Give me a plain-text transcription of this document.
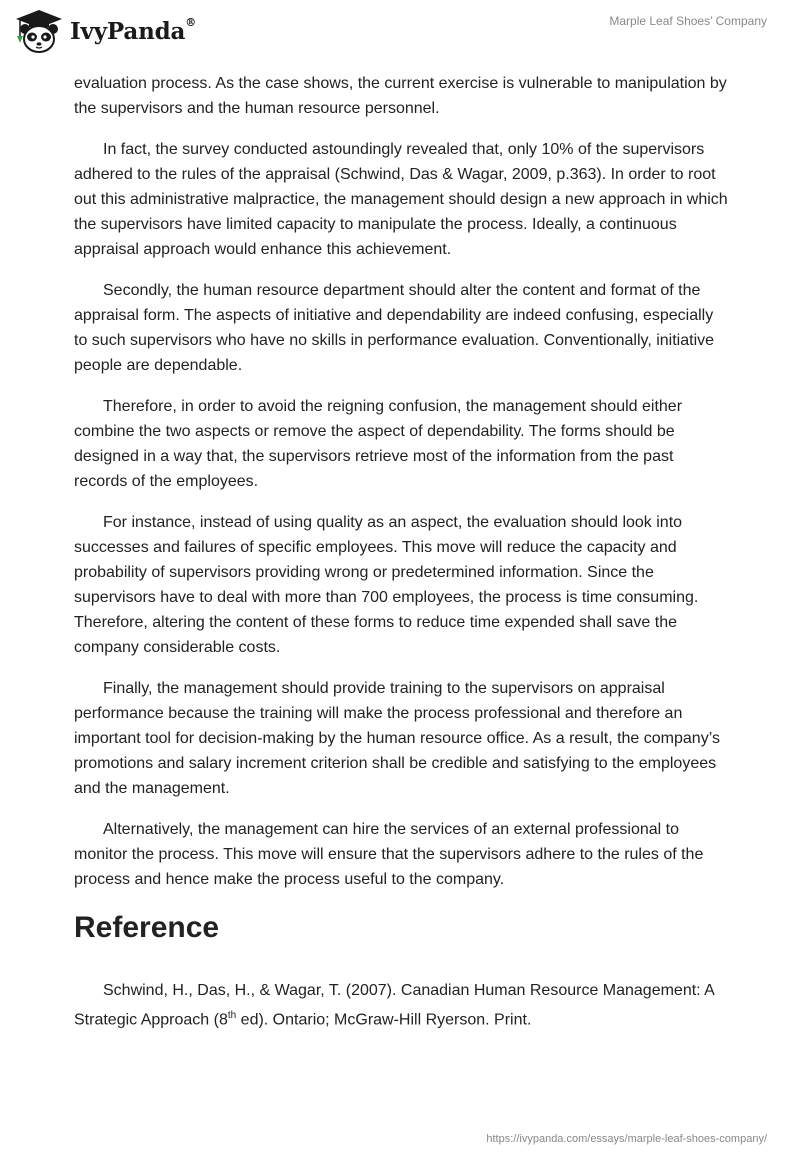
IvyPanda®	Marple Leaf Shoes’ Company

evaluation process. As the case shows, the current exercise is vulnerable to manipulation by the supervisors and the human resource personnel.

In fact, the survey conducted astoundingly revealed that, only 10% of the supervisors adhered to the rules of the appraisal (Schwind, Das & Wagar, 2009, p.363). In order to root out this administrative malpractice, the management should design a new approach in which the supervisors have limited capacity to manipulate the process. Ideally, a continuous appraisal approach would enhance this achievement.

Secondly, the human resource department should alter the content and format of the appraisal form. The aspects of initiative and dependability are indeed confusing, especially to such supervisors who have no skills in performance evaluation. Conventionally, initiative people are dependable.

Therefore, in order to avoid the reigning confusion, the management should either combine the two aspects or remove the aspect of dependability. The forms should be designed in a way that, the supervisors retrieve most of the information from the past records of the employees.

For instance, instead of using quality as an aspect, the evaluation should look into successes and failures of specific employees. This move will reduce the capacity and probability of supervisors providing wrong or predetermined information. Since the supervisors have to deal with more than 700 employees, the process is time consuming. Therefore, altering the content of these forms to reduce time expended shall save the company considerable costs.

Finally, the management should provide training to the supervisors on appraisal performance because the training will make the process professional and therefore an important tool for decision-making by the human resource office. As a result, the company’s promotions and salary increment criterion shall be credible and satisfying to the employees and the management.

Alternatively, the management can hire the services of an external professional to monitor the process. This move will ensure that the supervisors adhere to the rules of the process and hence make the process useful to the company.

Reference

Schwind, H., Das, H., & Wagar, T. (2007). Canadian Human Resource Management: A Strategic Approach (8th ed). Ontario; McGraw-Hill Ryerson. Print.

https://ivypanda.com/essays/marple-leaf-shoes-company/
